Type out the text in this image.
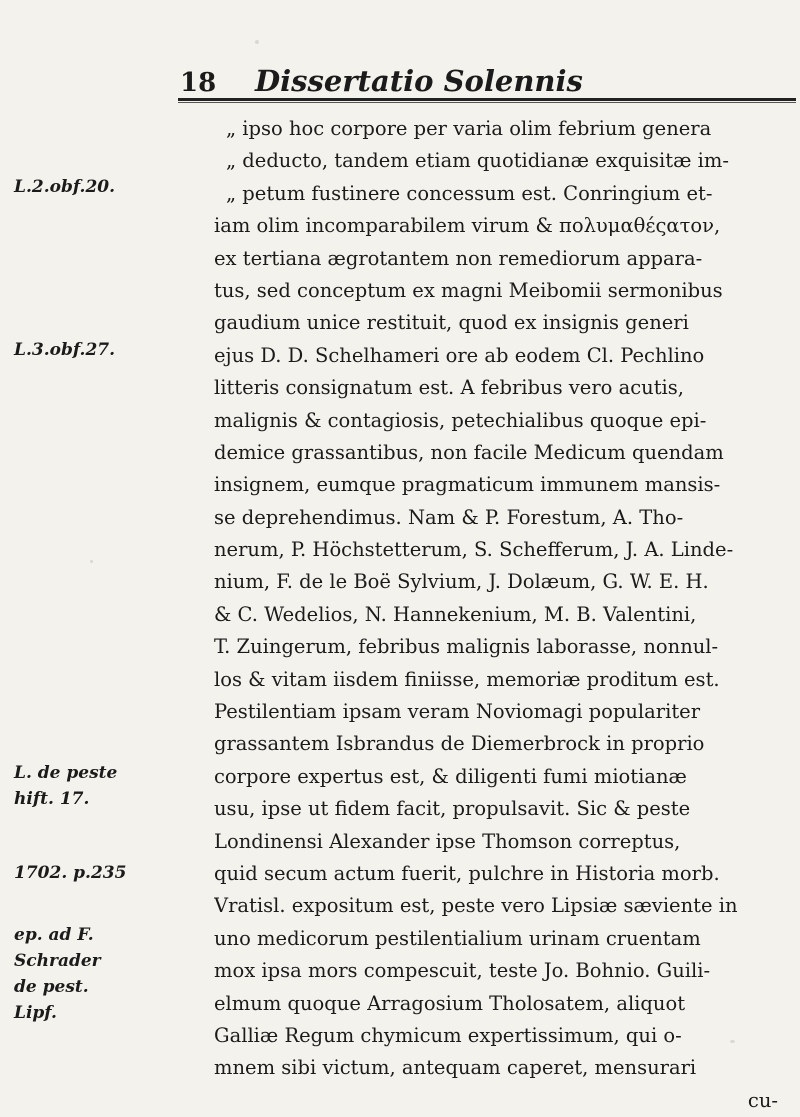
18 Dissertatio Solennis
L.2.obf.20.
L.3.obf.27.
L. de peste
hift. 17.
1702. p.235
ep. ad F.
Schrader
de pest.
Lipf.
„ ipso hoc corpore per varia olim febrium genera
„ deducto, tandem etiam quotidianæ exquisitæ im-
„ petum fustinere concessum est. Conringium et-
iam olim incomparabilem virum & πολυμαθέςατον,
ex tertiana ægrotantem non remediorum appara-
tus, sed conceptum ex magni Meibomii sermonibus
gaudium unice restituit, quod ex insignis generi
ejus D. D. Schelhameri ore ab eodem Cl. Pechlino
litteris consignatum est. A febribus vero acutis,
malignis & contagiosis, petechialibus quoque epi-
demice grassantibus, non facile Medicum quendam
insignem, eumque pragmaticum immunem mansis-
se deprehendimus. Nam & P. Forestum, A. Tho-
nerum, P. Höchstetterum, S. Schefferum, J. A. Linde-
nium, F. de le Boë Sylvium, J. Dolæum, G. W. E. H.
& C. Wedelios, N. Hannekenium, M. B. Valentini,
T. Zuingerum, febribus malignis laborasse, nonnul-
los & vitam iisdem finiisse, memoriæ proditum est.
Pestilentiam ipsam veram Noviomagi populariter
grassantem Isbrandus de Diemerbrock in proprio
corpore expertus est, & diligenti fumi miotianæ
usu, ipse ut fidem facit, propulsavit. Sic & peste
Londinensi Alexander ipse Thomson correptus,
quid secum actum fuerit, pulchre in Historia morb.
Vratisl. expositum est, peste vero Lipsiæ sæviente in
uno medicorum pestilentialium urinam cruentam
mox ipsa mors compescuit, teste Jo. Bohnio. Guili-
elmum quoque Arragosium Tholosatem, aliquot
Galliæ Regum chymicum expertissimum, qui o-
mnem sibi victum, antequam caperet, mensurari
cu-
